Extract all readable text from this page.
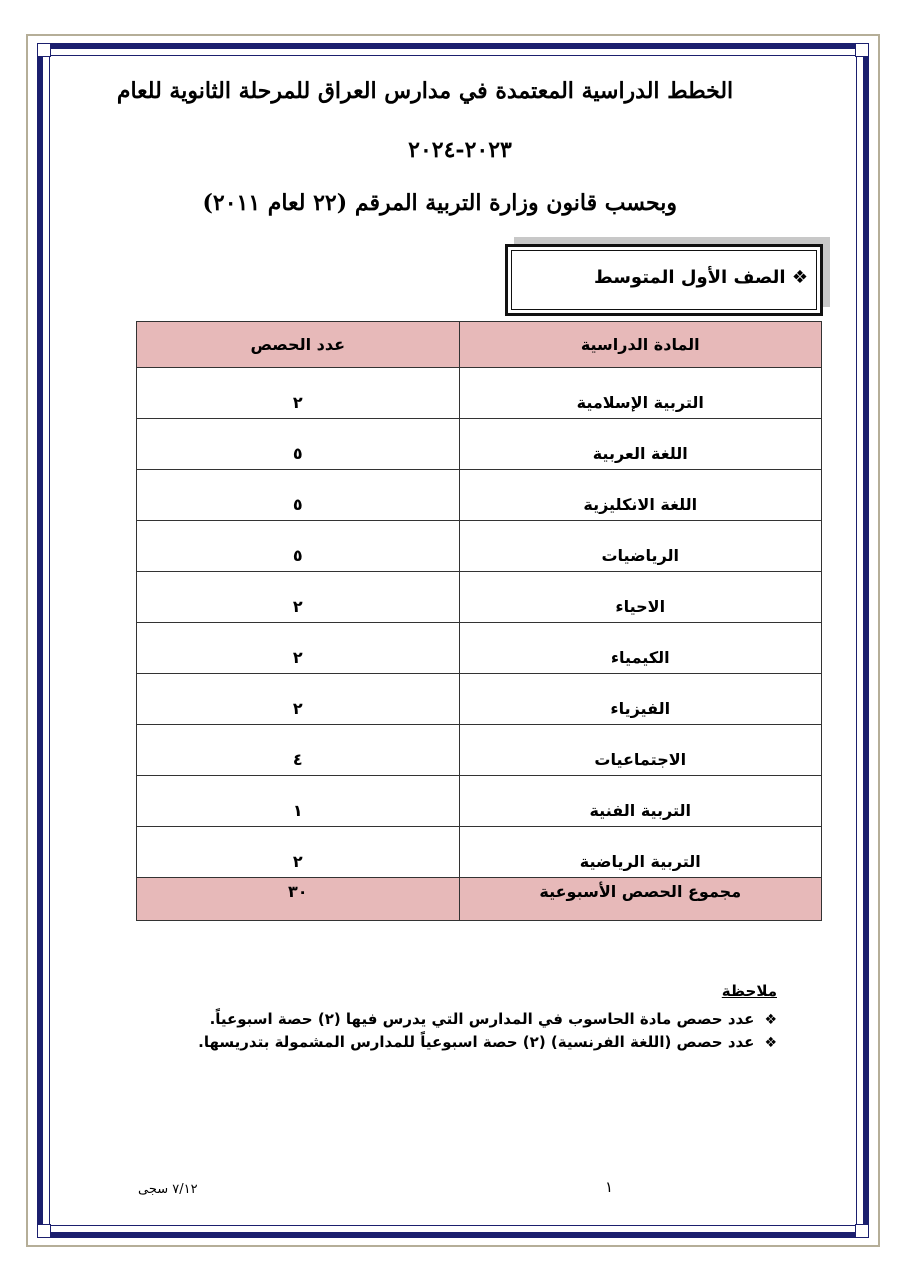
الخطط الدراسية المعتمدة في مدارس العراق للمرحلة الثانوية للعام
٢٠٢٣-٢٠٢٤
وبحسب قانون وزارة التربية المرقم (٢٢ لعام ٢٠١١)
❖ الصف الأول المتوسط
عدد الحصص	المادة الدراسية
٢	التربية الإسلامية
٥	اللغة العربية
٥	اللغة الانكليزية
٥	الرياضيات
٢	الاحياء
٢	الكيمياء
٢	الفيزياء
٤	الاجتماعيات
١	التربية الفنية
٢	التربية الرياضية
٣٠	مجموع الحصص الأسبوعية
ملاحظة
❖عدد حصص مادة الحاسوب في المدارس التي يدرس فيها (٢) حصة اسبوعياً.
❖عدد حصص (اللغة الفرنسية) (٢) حصة اسبوعياً للمدارس المشمولة بتدريسها.
١
٧/١٢ سجى
